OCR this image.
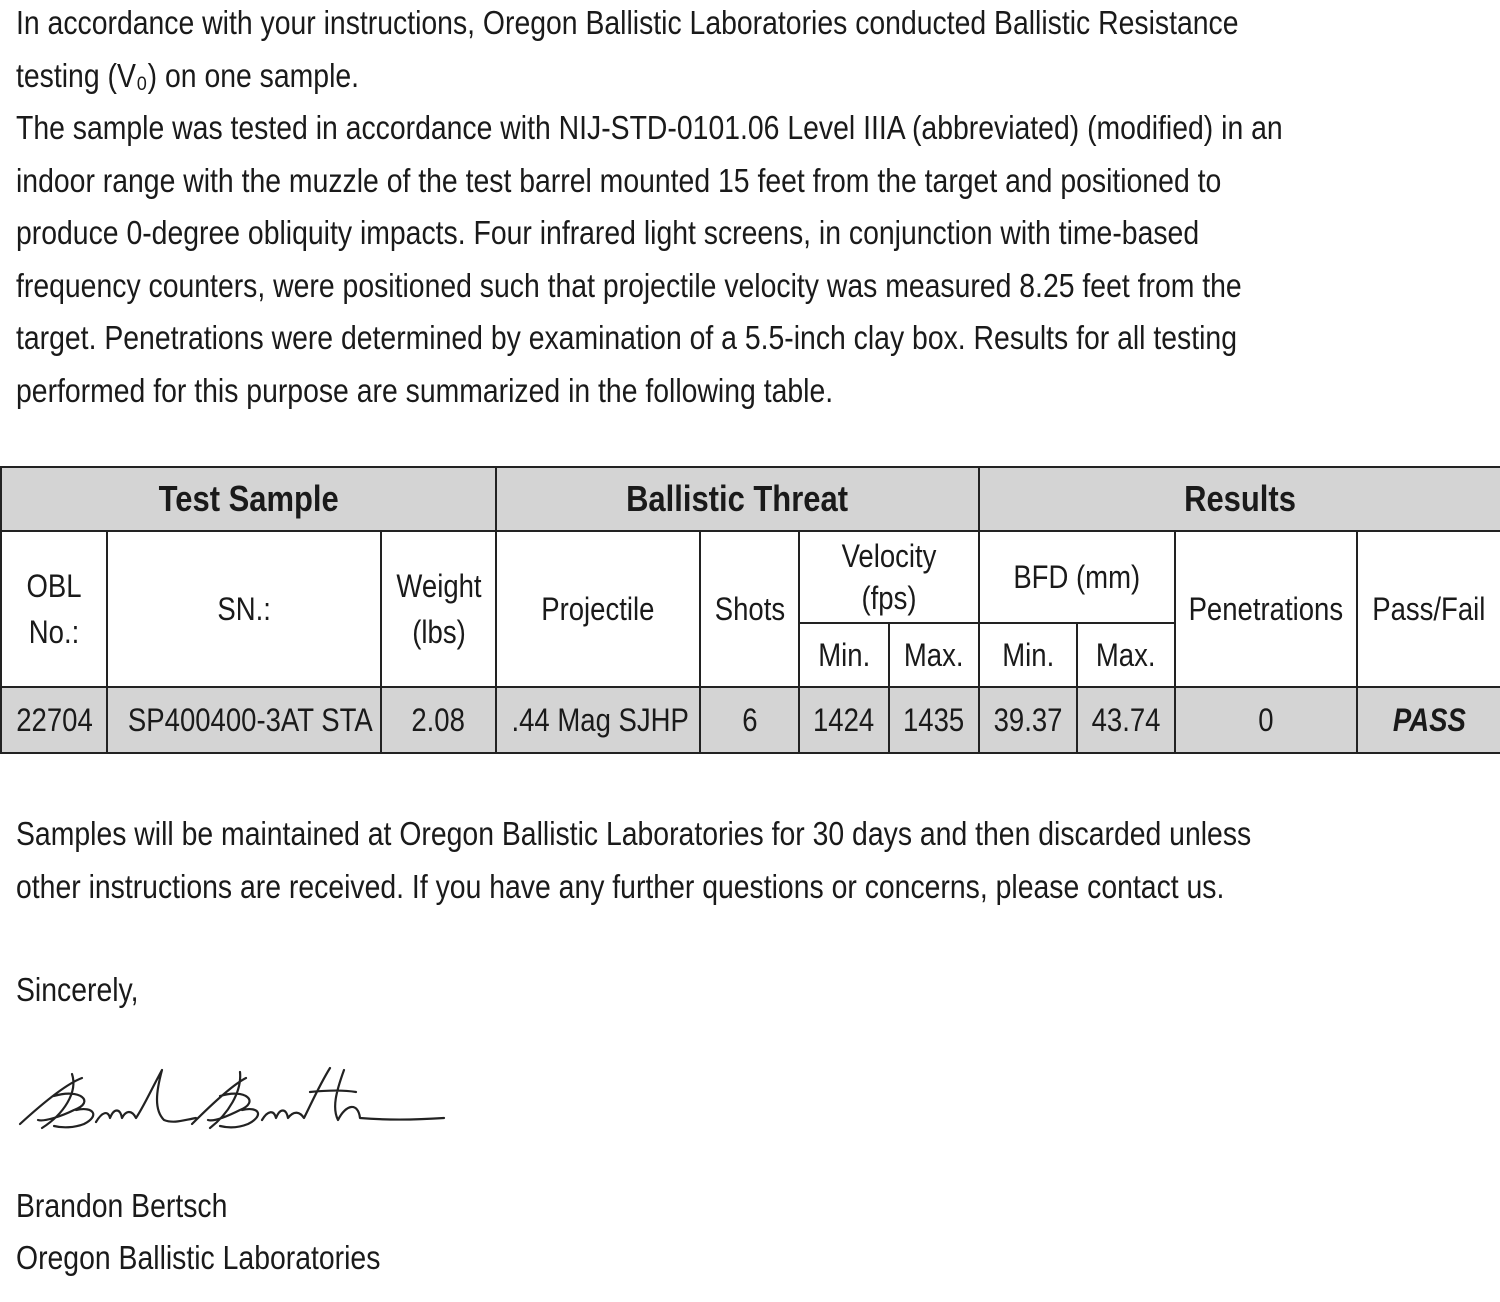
In accordance with your instructions, Oregon Ballistic Laboratories conducted Ballistic Resistance
testing (V₀) on one sample.
The sample was tested in accordance with NIJ-STD-0101.06 Level IIIA (abbreviated) (modified) in an
indoor range with the muzzle of the test barrel mounted 15 feet from the target and positioned to
produce 0-degree obliquity impacts. Four infrared light screens, in conjunction with time-based
frequency counters, were positioned such that projectile velocity was measured 8.25 feet from the
target. Penetrations were determined by examination of a 5.5-inch clay box. Results for all testing
performed for this purpose are summarized in the following table.

Test Sample			Ballistic Threat				Results			
OBL No.:	SN.:	Weight (lbs)	Projectile	Shots	Velocity (fps)		BFD (mm)		Penetrations	Pass/Fail
					Min.	Max.	Min.	Max.		
22704	SP400400-3AT STA	2.08	.44 Mag SJHP	6	1424	1435	39.37	43.74	0	PASS

Samples will be maintained at Oregon Ballistic Laboratories for 30 days and then discarded unless
other instructions are received. If you have any further questions or concerns, please contact us.

Sincerely,

Brandon Bertsch
Oregon Ballistic Laboratories
